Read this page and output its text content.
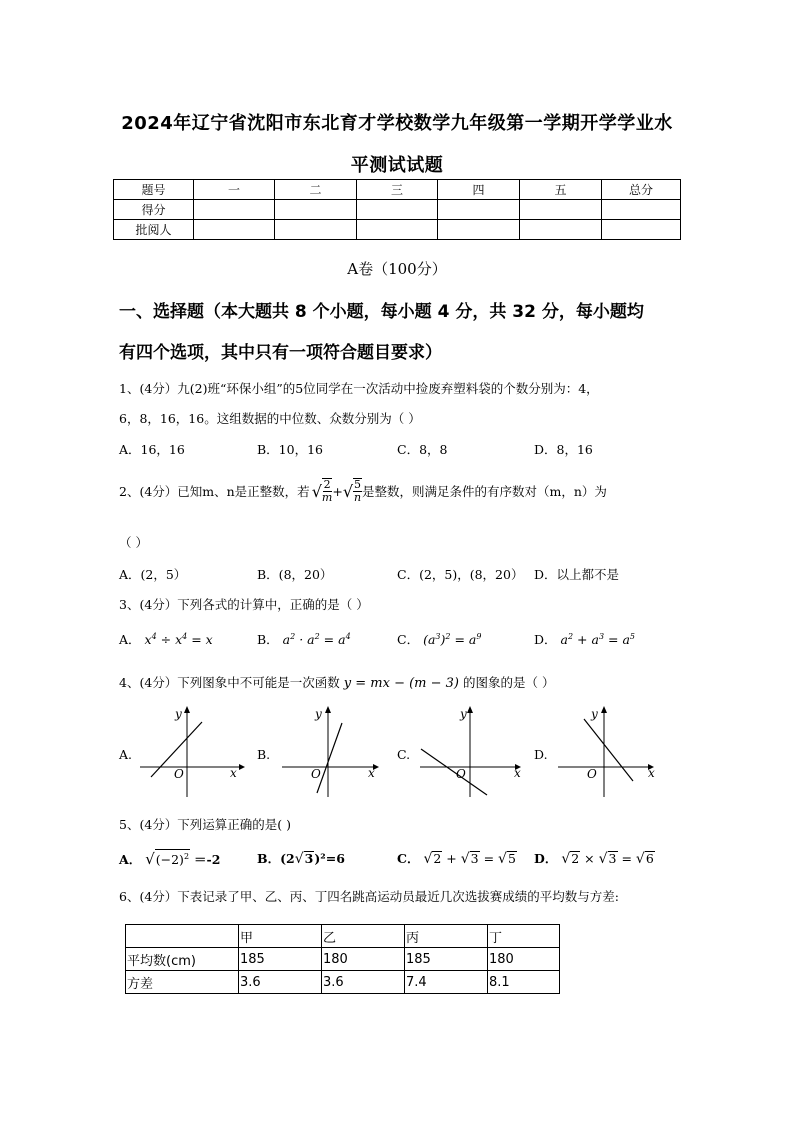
2024年辽宁省沈阳市东北育才学校数学九年级第一学期开学学业水
平测试试题
题号	一	二	三	四	五	总分
得分						
批阅人						
A卷（100分）
一、选择题（本大题共 8 个小题，每小题 4 分，共 32 分，每小题均
有四个选项，其中只有一项符合题目要求）
1、(4分）九(2)班“环保小组”的5位同学在一次活动中捡废弃塑料袋的个数分别为：4，
6，8，16，16。这组数据的中位数、众数分别为（ ）
A．16，16	B．10，16	C．8，8	D．8，16
2、(4分）已知m、n是正整数，若 √ $\frac{2}{m}$ + √ $\frac{5}{n}$ 是整数，则满足条件的有序数对（m，n）为
（ ）
A．(2，5）	B．(8，20）	C．(2，5)，(8，20） D．以上都不是
3、(4分）下列各式的计算中，正确的是（ ）
A． $x^4 \div x^4 = x$	B． $a^2 \cdot a^2 = a^4$	C． $(a^3)^2 = a^9$	D． $a^2 + a^3 = a^5$
4、(4分）下列图象中不可能是一次函数 y = mx − (m − 3) 的图象的是（ ）
A.
x
y
O
B.
x
y
O
C.
x
y
O
D.
x
y
O
5、(4分）下列运算正确的是( )
A． $√(-2)^2 =-2$	B．(2√3)²=6	C． √2 + √3 = √5 D． √2 × √3 = √6
6、(4分）下表记录了甲、乙、丙、丁四名跳高运动员最近几次选拔赛成绩的平均数与方差:
	甲	乙	丙	丁
平均数(cm)	185	180	185	180
方差	3.6	3.6	7.4	8.1
